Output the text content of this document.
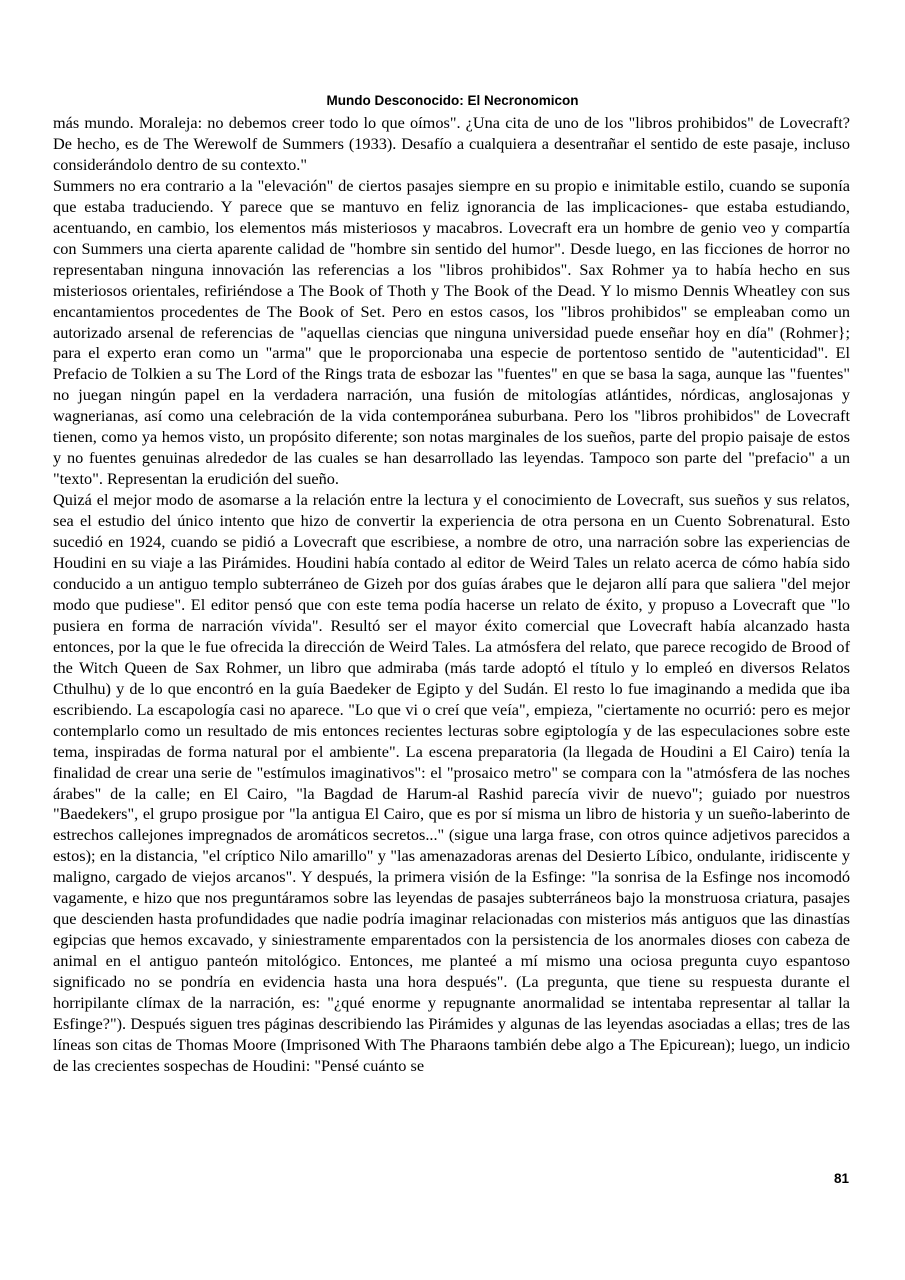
Mundo Desconocido: El Necronomicon

más mundo. Moraleja: no debemos creer todo lo que oímos". ¿Una cita de uno de los "libros prohibidos" de Lovecraft? De hecho, es de The Werewolf de Summers (1933). Desafío a cualquiera a desentrañar el sentido de este pasaje, incluso considerándolo dentro de su contexto."

Summers no era contrario a la "elevación" de ciertos pasajes siempre en su propio e inimitable estilo, cuando se suponía que estaba traduciendo. Y parece que se mantuvo en feliz ignorancia de las implicaciones- que estaba estudiando, acentuando, en cambio, los elementos más misteriosos y macabros. Lovecraft era un hombre de genio veo y compartía con Summers una cierta aparente calidad de "hombre sin sentido del humor". Desde luego, en las ficciones de horror no representaban ninguna innovación las referencias a los "libros prohibidos". Sax Rohmer ya to había hecho en sus misteriosos orientales, refiriéndose a The Book of Thoth y The Book of the Dead. Y lo mismo Dennis Wheatley con sus encantamientos procedentes de The Book of Set. Pero en estos casos, los "libros prohibidos" se empleaban como un autorizado arsenal de referencias de "aquellas ciencias que ninguna universidad puede enseñar hoy en día" (Rohmer}; para el experto eran como un "arma" que le proporcionaba una especie de portentoso sentido de "autenticidad". El Prefacio de Tolkien a su The Lord of the Rings trata de esbozar las "fuentes" en que se basa la saga, aunque las "fuentes" no juegan ningún papel en la verdadera narración, una fusión de mitologías atlántides, nórdicas, anglosajonas y wagnerianas, así como una celebración de la vida contemporánea suburbana. Pero los "libros prohibidos" de Lovecraft tienen, como ya hemos visto, un propósito diferente; son notas marginales de los sueños, parte del propio paisaje de estos y no fuentes genuinas alrededor de las cuales se han desarrollado las leyendas. Tampoco son parte del "prefacio" a un "texto". Representan la erudición del sueño.

Quizá el mejor modo de asomarse a la relación entre la lectura y el conocimiento de Lovecraft, sus sueños y sus relatos, sea el estudio del único intento que hizo de convertir la experiencia de otra persona en un Cuento Sobrenatural. Esto sucedió en 1924, cuando se pidió a Lovecraft que escribiese, a nombre de otro, una narración sobre las experiencias de Houdini en su viaje a las Pirámides. Houdini había contado al editor de Weird Tales un relato acerca de cómo había sido conducido a un antiguo templo subterráneo de Gizeh por dos guías árabes que le dejaron allí para que saliera "del mejor modo que pudiese". El editor pensó que con este tema podía hacerse un relato de éxito, y propuso a Lovecraft que "lo pusiera en forma de narración vívida". Resultó ser el mayor éxito comercial que Lovecraft había alcanzado hasta entonces, por la que le fue ofrecida la dirección de Weird Tales. La atmósfera del relato, que parece recogido de Brood of the Witch Queen de Sax Rohmer, un libro que admiraba (más tarde adoptó el título y lo empleó en diversos Relatos Cthulhu) y de lo que encontró en la guía Baedeker de Egipto y del Sudán. El resto lo fue imaginando a medida que iba escribiendo. La escapología casi no aparece. "Lo que vi o creí que veía", empieza, "ciertamente no ocurrió: pero es mejor contemplarlo como un resultado de mis entonces recientes lecturas sobre egiptología y de las especulaciones sobre este tema, inspiradas de forma natural por el ambiente". La escena preparatoria (la llegada de Houdini a El Cairo) tenía la finalidad de crear una serie de "estímulos imaginativos": el "prosaico metro" se compara con la "atmósfera de las noches árabes" de la calle; en El Cairo, "la Bagdad de Harum-al Rashid parecía vivir de nuevo"; guiado por nuestros "Baedekers", el grupo prosigue por "la antigua El Cairo, que es por sí misma un libro de historia y un sueño-laberinto de estrechos callejones impregnados de aromáticos secretos..." (sigue una larga frase, con otros quince adjetivos parecidos a estos); en la distancia, "el críptico Nilo amarillo" y "las amenazadoras arenas del Desierto Líbico, ondulante, iridiscente y maligno, cargado de viejos arcanos". Y después, la primera visión de la Esfinge: "la sonrisa de la Esfinge nos incomodó vagamente, e hizo que nos preguntáramos sobre las leyendas de pasajes subterráneos bajo la monstruosa criatura, pasajes que descienden hasta profundidades que nadie podría imaginar relacionadas con misterios más antiguos que las dinastías egipcias que hemos excavado, y siniestramente emparentados con la persistencia de los anormales dioses con cabeza de animal en el antiguo panteón mitológico. Entonces, me planteé a mí mismo una ociosa pregunta cuyo espantoso significado no se pondría en evidencia hasta una hora después". (La pregunta, que tiene su respuesta durante el horripilante clímax de la narración, es: "¿qué enorme y repugnante anormalidad se intentaba representar al tallar la Esfinge?"). Después siguen tres páginas describiendo las Pirámides y algunas de las leyendas asociadas a ellas; tres de las líneas son citas de Thomas Moore (Imprisoned With The Pharaons también debe algo a The Epicurean); luego, un indicio de las crecientes sospechas de Houdini: "Pensé cuánto se

81
